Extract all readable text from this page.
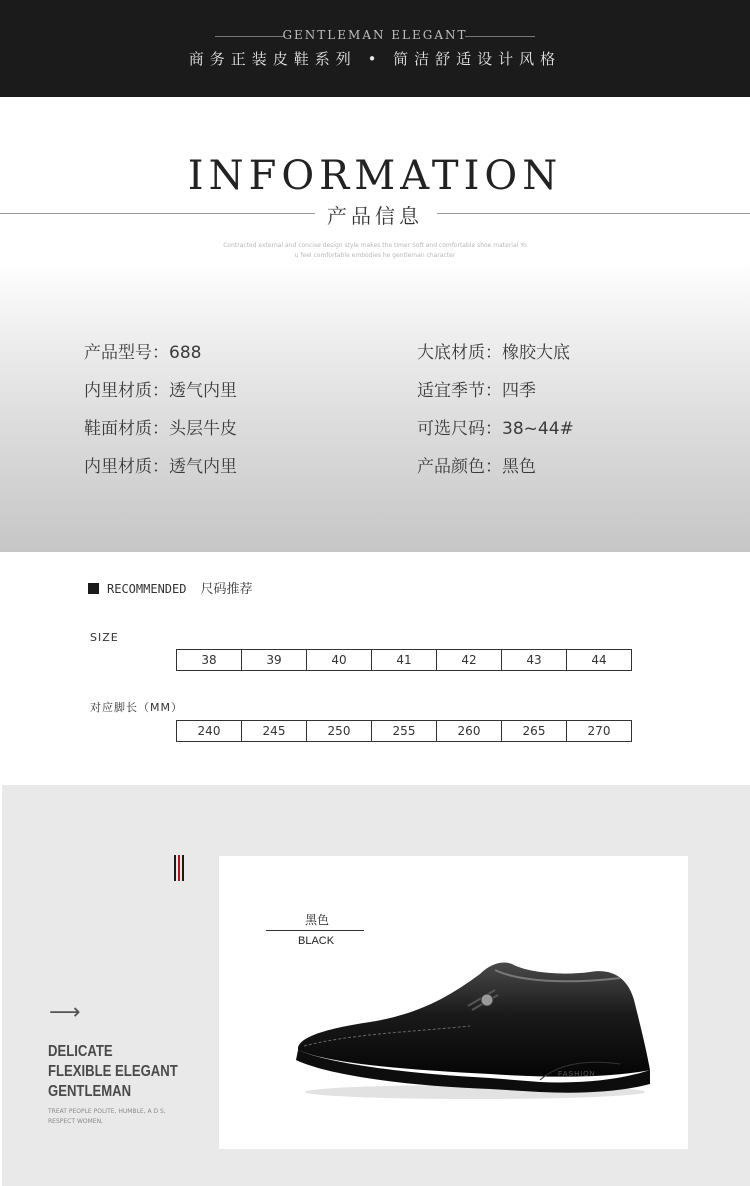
GENTLEMAN ELEGANT
商务正装皮鞋系列 • 简洁舒适设计风格
INFORMATION
产品信息
Contracted external and concise design style makes the timer Soft and comfortable shoe material Yo
u feel comfortable embodies he gentleman character
产品型号：688
内里材质：透气内里
鞋面材质：头层牛皮
内里材质：透气内里
大底材质：橡胶大底
适宜季节：四季
可选尺码：38~44#
产品颜色：黑色
RECOMMENDED 尺码推荐
SIZE
38	39	40	41	42	43	44
对应脚长（MM）
240	245	250	255	260	265	270
黑色
BLACK
FASHION
⟶
DELICATE
FLEXIBLE ELEGANT
GENTLEMAN
TREAT PEOPLE POLITE, HUMBLE, A D S, RESPECT WOMEN,
